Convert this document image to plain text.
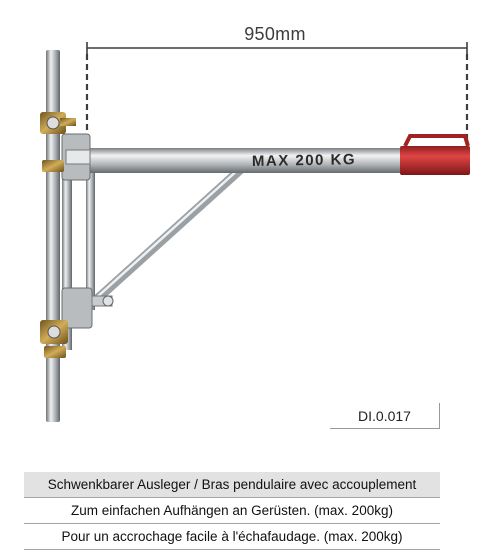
MAX 200 KG
950mm
DI.0.017
Schwenkbarer Ausleger / Bras pendulaire avec accouplement
Zum einfachen Aufhängen an Gerüsten. (max. 200kg)
Pour un accrochage facile à l'échafaudage. (max. 200kg)
